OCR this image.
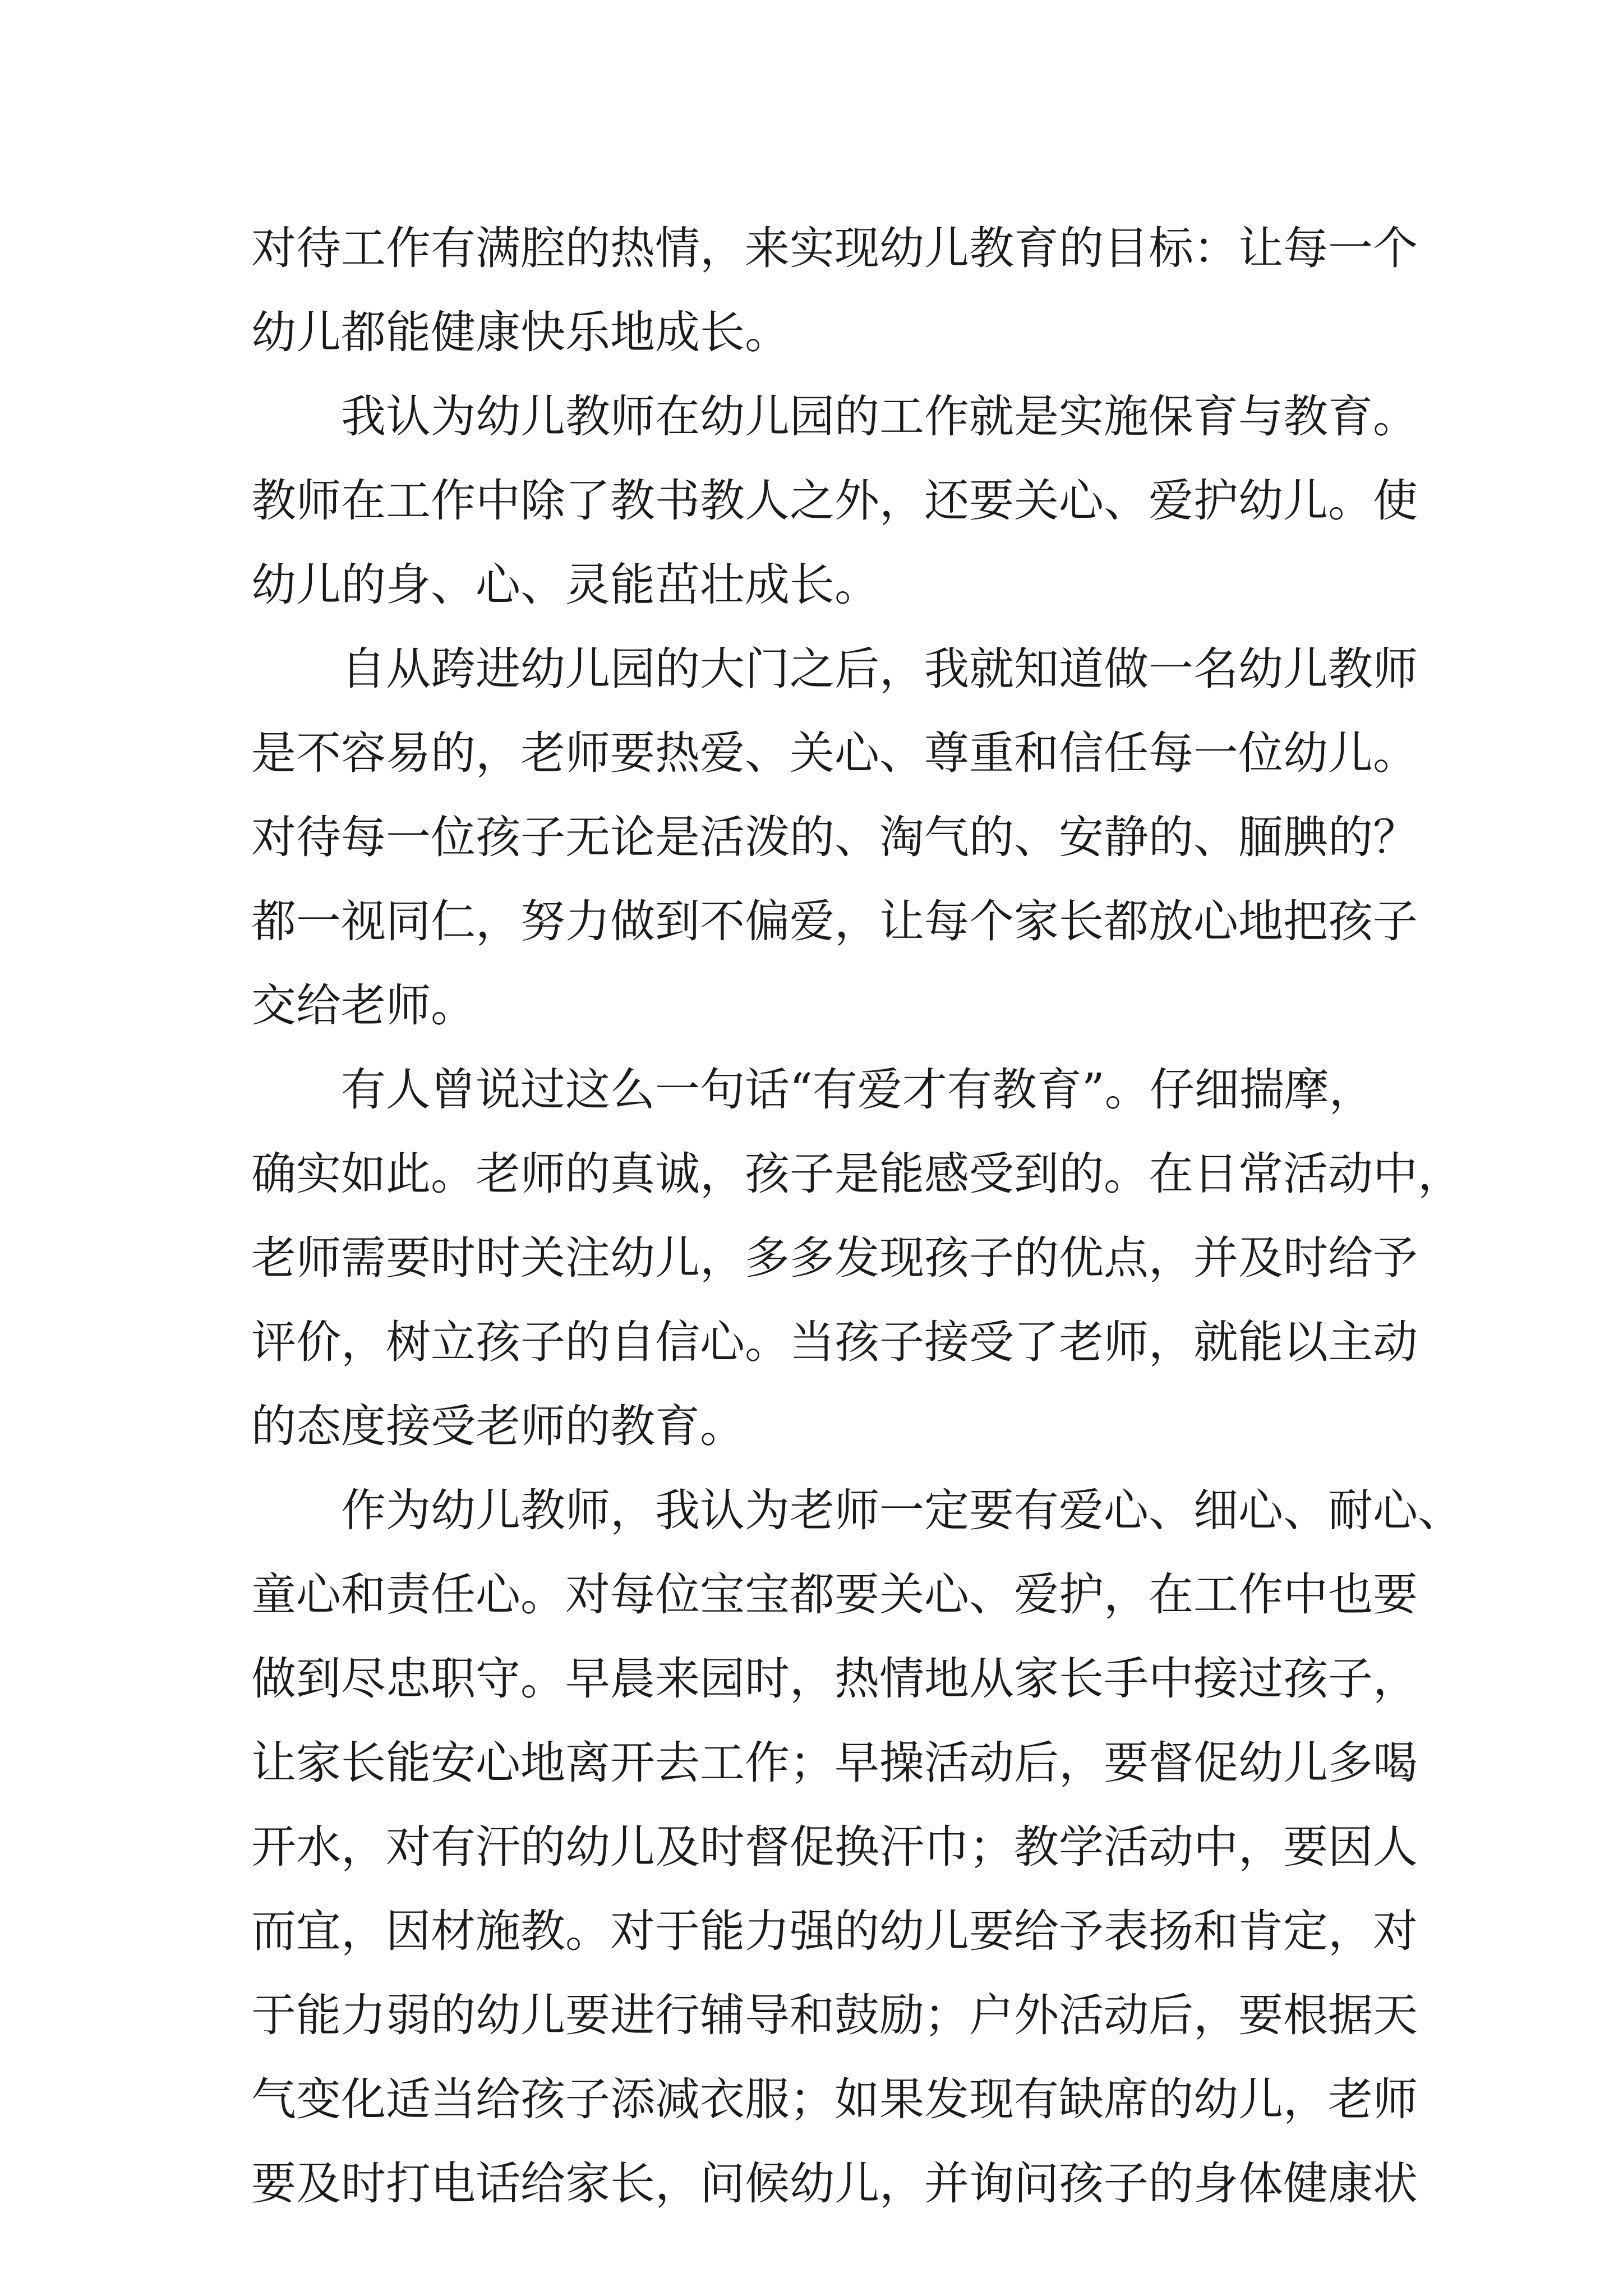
对待工作有满腔的热情，来实现幼儿教育的目标：让每一个
幼儿都能健康快乐地成长。

我认为幼儿教师在幼儿园的工作就是实施保育与教育。
教师在工作中除了教书教人之外，还要关心、爱护幼儿。使
幼儿的身、心、灵能茁壮成长。

自从跨进幼儿园的大门之后，我就知道做一名幼儿教师
是不容易的，老师要热爱、关心、尊重和信任每一位幼儿。
对待每一位孩子无论是活泼的、淘气的、安静的、腼腆的？
都一视同仁，努力做到不偏爱，让每个家长都放心地把孩子
交给老师。

有人曾说过这么一句话“有爱才有教育”。仔细揣摩，
确实如此。老师的真诚，孩子是能感受到的。在日常活动中，
老师需要时时关注幼儿，多多发现孩子的优点，并及时给予
评价，树立孩子的自信心。当孩子接受了老师，就能以主动
的态度接受老师的教育。

作为幼儿教师，我认为老师一定要有爱心、细心、耐心、
童心和责任心。对每位宝宝都要关心、爱护，在工作中也要
做到尽忠职守。早晨来园时，热情地从家长手中接过孩子，
让家长能安心地离开去工作；早操活动后，要督促幼儿多喝
开水，对有汗的幼儿及时督促换汗巾；教学活动中，要因人
而宜，因材施教。对于能力强的幼儿要给予表扬和肯定，对
于能力弱的幼儿要进行辅导和鼓励；户外活动后，要根据天
气变化适当给孩子添减衣服；如果发现有缺席的幼儿，老师
要及时打电话给家长，问候幼儿，并询问孩子的身体健康状
